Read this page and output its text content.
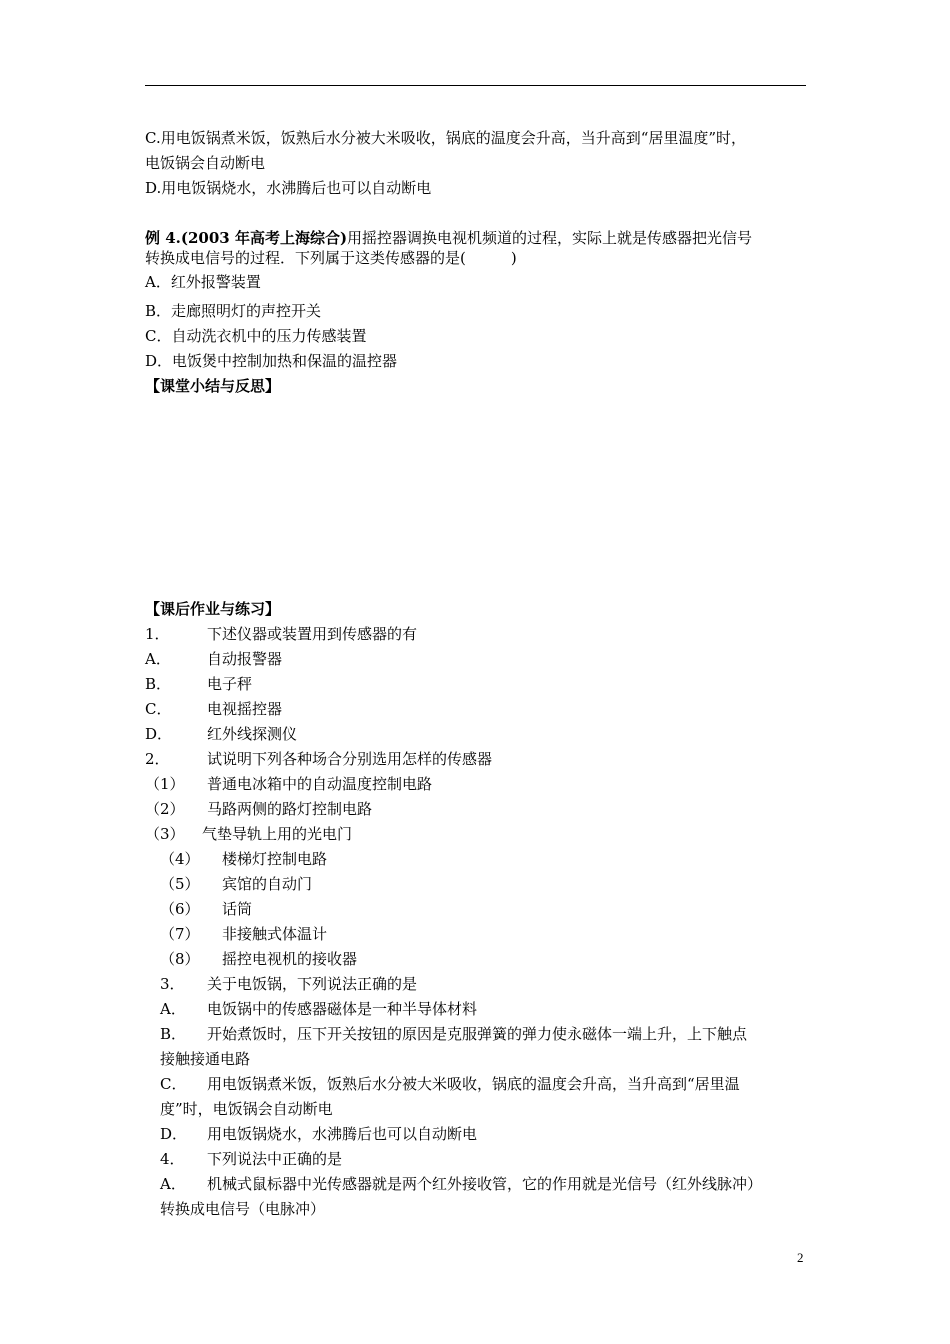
C.用电饭锅煮米饭，饭熟后水分被大米吸收，锅底的温度会升高，当升高到“居里温度”时，
电饭锅会自动断电
D.用电饭锅烧水，水沸腾后也可以自动断电
例 4.(2003 年高考上海综合)用摇控器调换电视机频道的过程，实际上就是传感器把光信号
转换成电信号的过程．下列属于这类传感器的是(　　　)
A．红外报警装置
B．走廊照明灯的声控开关
C．自动洗衣机中的压力传感装置
D．电饭煲中控制加热和保温的温控器
【课堂小结与反思】
【课后作业与练习】
1． 下述仪器或装置用到传感器的有
A． 自动报警器
B． 电子秤
C． 电视摇控器
D． 红外线探测仪
2． 试说明下列各种场合分别选用怎样的传感器
（1） 普通电冰箱中的自动温度控制电路
（2） 马路两侧的路灯控制电路
（3） 气垫导轨上用的光电门
（4） 楼梯灯控制电路
（5） 宾馆的自动门
（6） 话筒
（7） 非接触式体温计
（8） 摇控电视机的接收器
3． 关于电饭锅，下列说法正确的是
A． 电饭锅中的传感器磁体是一种半导体材料
B． 开始煮饭时，压下开关按钮的原因是克服弹簧的弹力使永磁体一端上升，上下触点
接触接通电路
C． 用电饭锅煮米饭，饭熟后水分被大米吸收，锅底的温度会升高，当升高到“居里温
度”时，电饭锅会自动断电
D． 用电饭锅烧水，水沸腾后也可以自动断电
4． 下列说法中正确的是
A． 机械式鼠标器中光传感器就是两个红外接收管，它的作用就是光信号（红外线脉冲）
转换成电信号（电脉冲）
2
